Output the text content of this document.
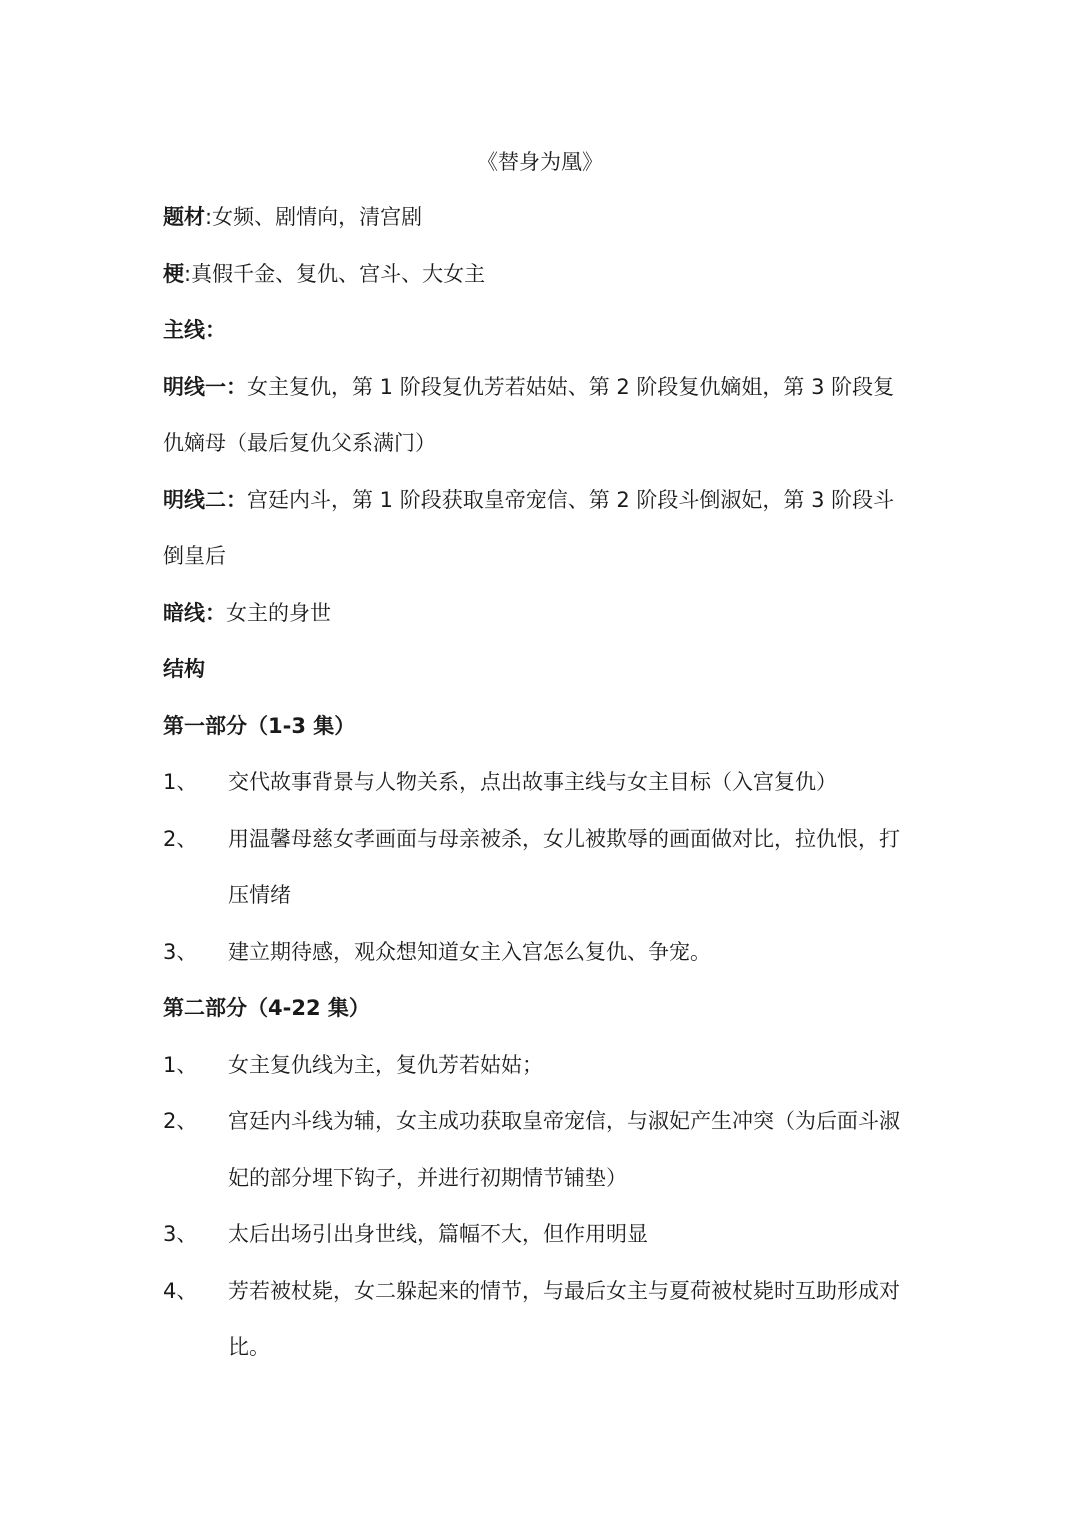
《替身为凰》
题材:女频、剧情向，清宫剧
梗:真假千金、复仇、宫斗、大女主
主线：
明线一：女主复仇，第 1 阶段复仇芳若姑姑、第 2 阶段复仇嫡姐，第 3 阶段复
仇嫡母（最后复仇父系满门）
明线二：宫廷内斗，第 1 阶段获取皇帝宠信、第 2 阶段斗倒淑妃，第 3 阶段斗
倒皇后
暗线：女主的身世
结构
第一部分（1-3 集）
1、 交代故事背景与人物关系，点出故事主线与女主目标（入宫复仇）
2、 用温馨母慈女孝画面与母亲被杀，女儿被欺辱的画面做对比，拉仇恨，打
压情绪
3、 建立期待感，观众想知道女主入宫怎么复仇、争宠。
第二部分（4-22 集）
1、 女主复仇线为主，复仇芳若姑姑；
2、 宫廷内斗线为辅，女主成功获取皇帝宠信，与淑妃产生冲突（为后面斗淑
妃的部分埋下钩子，并进行初期情节铺垫）
3、 太后出场引出身世线，篇幅不大，但作用明显
4、 芳若被杖毙，女二躲起来的情节，与最后女主与夏荷被杖毙时互助形成对
比。
